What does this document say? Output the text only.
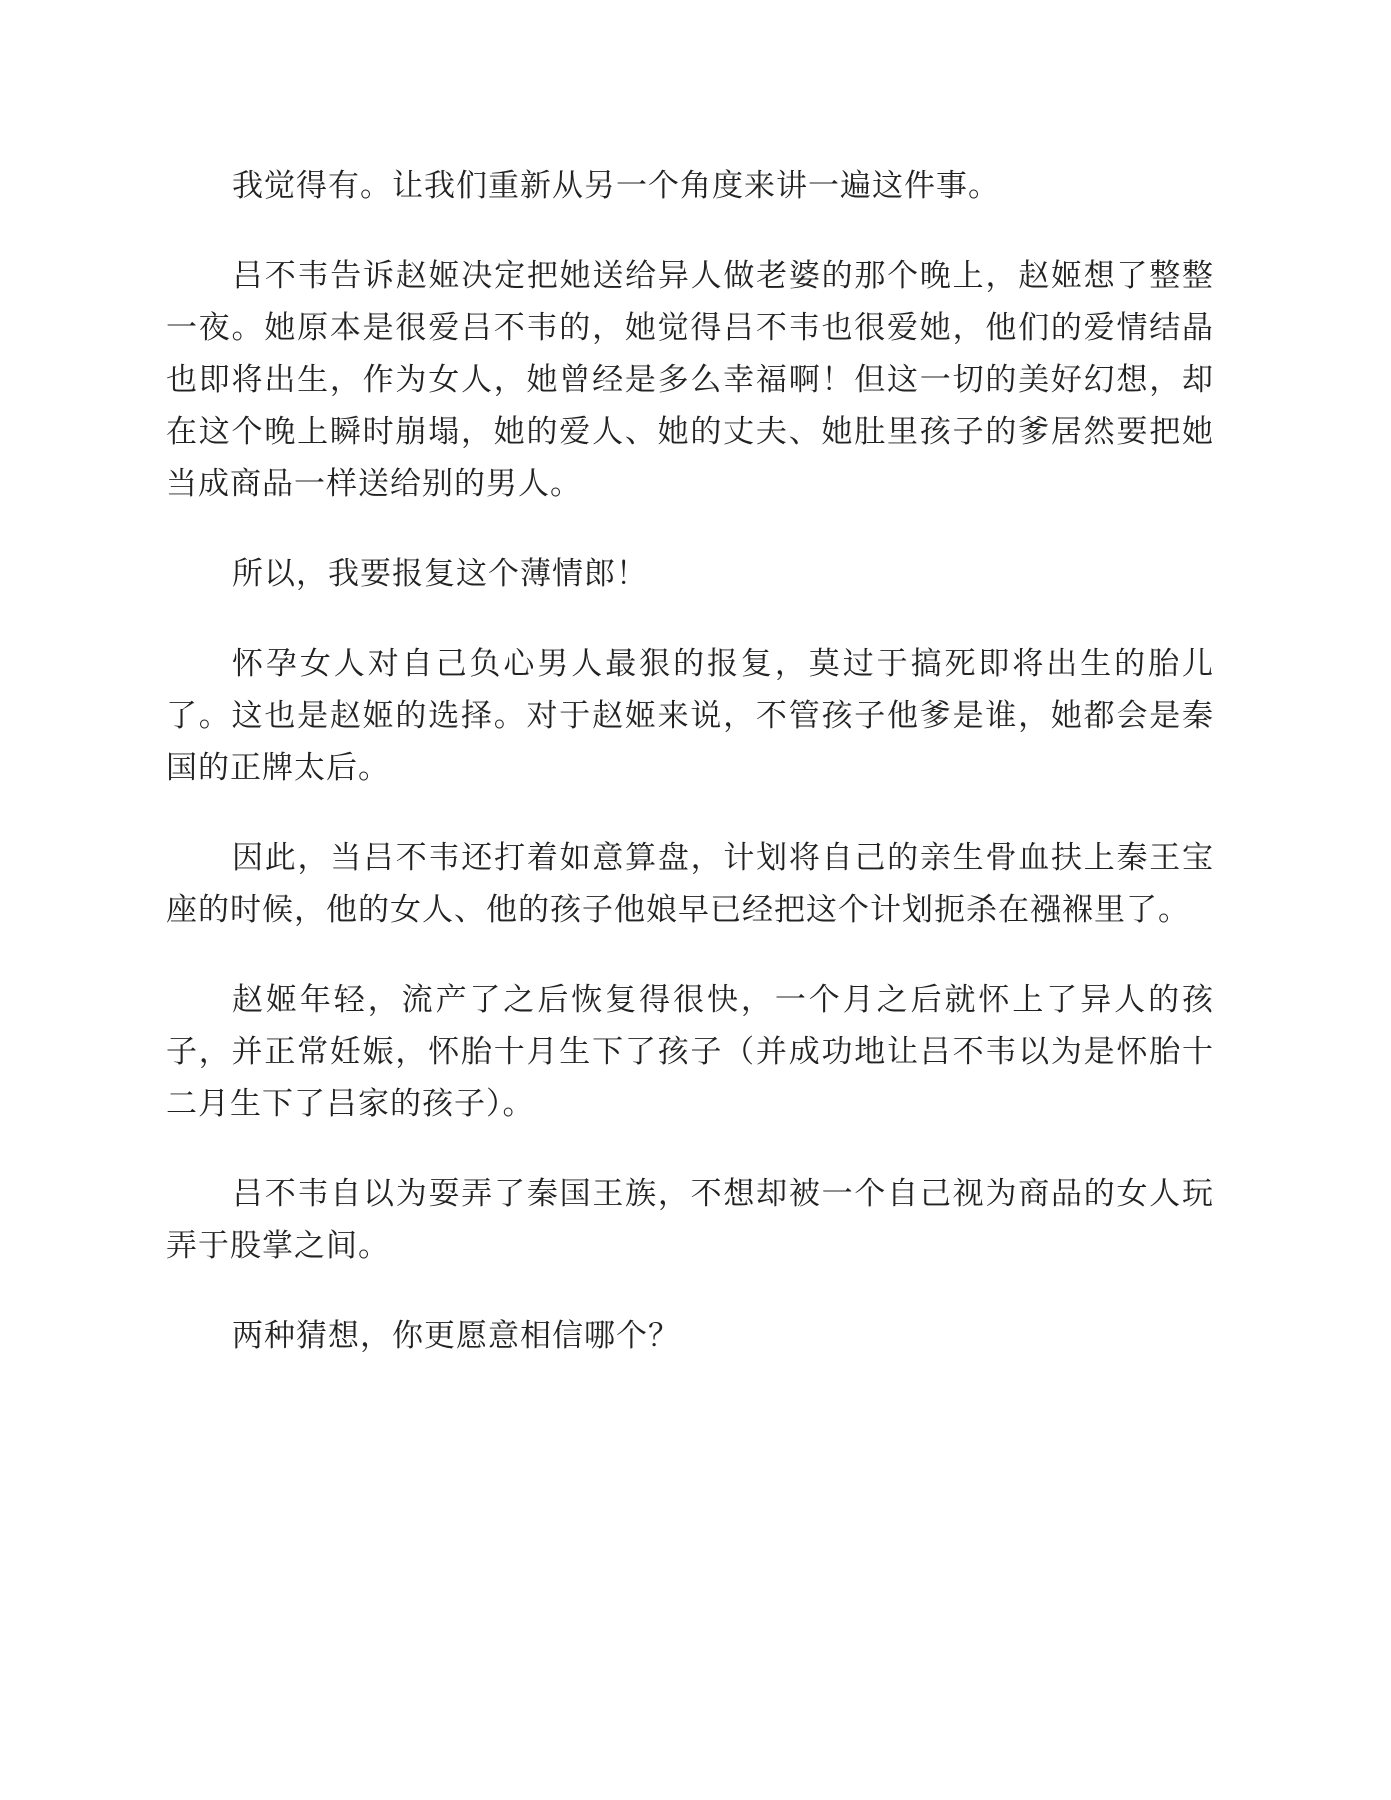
我觉得有。让我们重新从另一个角度来讲一遍这件事。

吕不韦告诉赵姬决定把她送给异人做老婆的那个晚上，赵姬想了整整一夜。她原本是很爱吕不韦的，她觉得吕不韦也很爱她，他们的爱情结晶也即将出生，作为女人，她曾经是多么幸福啊！但这一切的美好幻想，却在这个晚上瞬时崩塌，她的爱人、她的丈夫、她肚里孩子的爹居然要把她当成商品一样送给别的男人。

所以，我要报复这个薄情郎！

怀孕女人对自己负心男人最狠的报复，莫过于搞死即将出生的胎儿了。这也是赵姬的选择。对于赵姬来说，不管孩子他爹是谁，她都会是秦国的正牌太后。

因此，当吕不韦还打着如意算盘，计划将自己的亲生骨血扶上秦王宝座的时候，他的女人、他的孩子他娘早已经把这个计划扼杀在襁褓里了。

赵姬年轻，流产了之后恢复得很快，一个月之后就怀上了异人的孩子，并正常妊娠，怀胎十月生下了孩子（并成功地让吕不韦以为是怀胎十二月生下了吕家的孩子）。

吕不韦自以为耍弄了秦国王族，不想却被一个自己视为商品的女人玩弄于股掌之间。

两种猜想，你更愿意相信哪个？
